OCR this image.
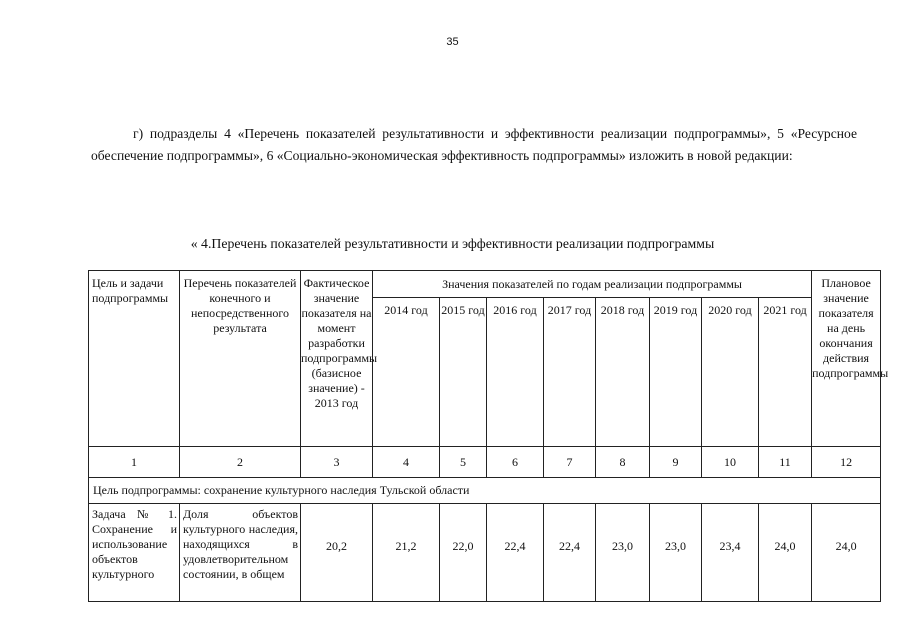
35

г) подразделы 4 «Перечень показателей результативности и эффективности реализации подпрограммы», 5 «Ресурсное обеспечение подпрограммы», 6 «Социально-экономическая эффективность подпрограммы» изложить в новой редакции:

« 4.Перечень показателей результативности и эффективности реализации подпрограммы

Цель и задачи подпрограммы	Перечень показателей конечного и непосредственного результата	Фактическое значение показателя на момент разработки подпрограммы (базисное значение) - 2013 год	Значения показателей по годам реализации подпрограммы								Плановое значение показателя на день окончания действия подпрограммы
			2014 год	2015 год	2016 год	2017 год	2018 год	2019 год	2020 год	2021 год	
1	2	3	4	5	6	7	8	9	10	11	12
Цель подпрограммы: сохранение культурного наследия Тульской области											
Задача № 1. Сохранение и использование объектов культурного	Доля объектов культурного наследия, находящихся в удовлетворительном состоянии, в общем	20,2	21,2	22,0	22,4	22,4	23,0	23,0	23,4	24,0	24,0
